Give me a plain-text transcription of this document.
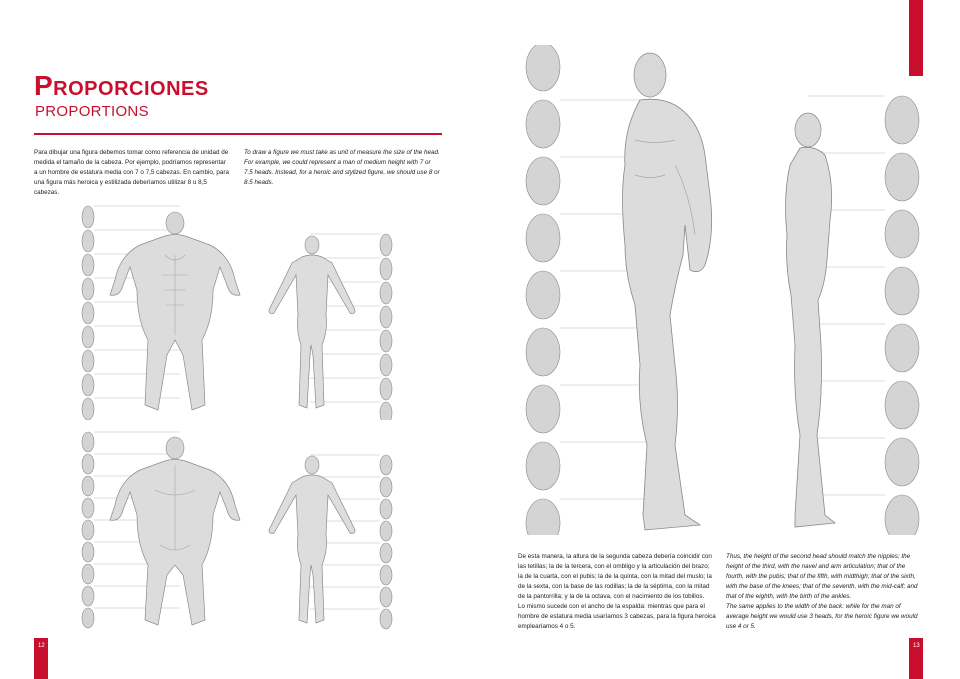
Proporciones
PROPORTIONS
Para dibujar una figura debemos tomar como referencia de unidad de medida el tamaño de la cabeza. Por ejemplo, podríamos representar a un hombre de estatura media con 7 o 7,5 cabezas. En cambio, para una figura más heroica y estilizada deberíamos utilizar 8 u 8,5 cabezas.
To draw a figure we must take as unit of measure the size of the head. For example, we could represent a man of medium height with 7 or 7.5 heads. Instead, for a heroic and stylized figure, we should use 8 or 8.5 heads.
12
De esta manera, la altura de la segunda cabeza debería coincidir con las tetillas; la de la tercera, con el ombligo y la articulación del brazo; la de la cuarta, con el pubis; la de la quinta, con la mitad del muslo; la de la sexta, con la base de las rodillas; la de la séptima, con la mitad de la pantorrilla; y la de la octava, con el nacimiento de los tobillos.
Lo mismo sucede con el ancho de la espalda: mientras que para el hombre de estatura media usaríamos 3 cabezas, para la figura heroica emplearíamos 4 o 5.
Thus, the height of the second head should match the nipples; the height of the third, with the navel and arm articulation; that of the fourth, with the pubis; that of the fifth, with midthigh; that of the sixth, with the base of the knees; that of the seventh, with the mid-calf; and that of the eighth, with the birth of the ankles.
The same applies to the width of the back: while for the man of average height we would use 3 heads, for the heroic figure we would use 4 or 5.
13
